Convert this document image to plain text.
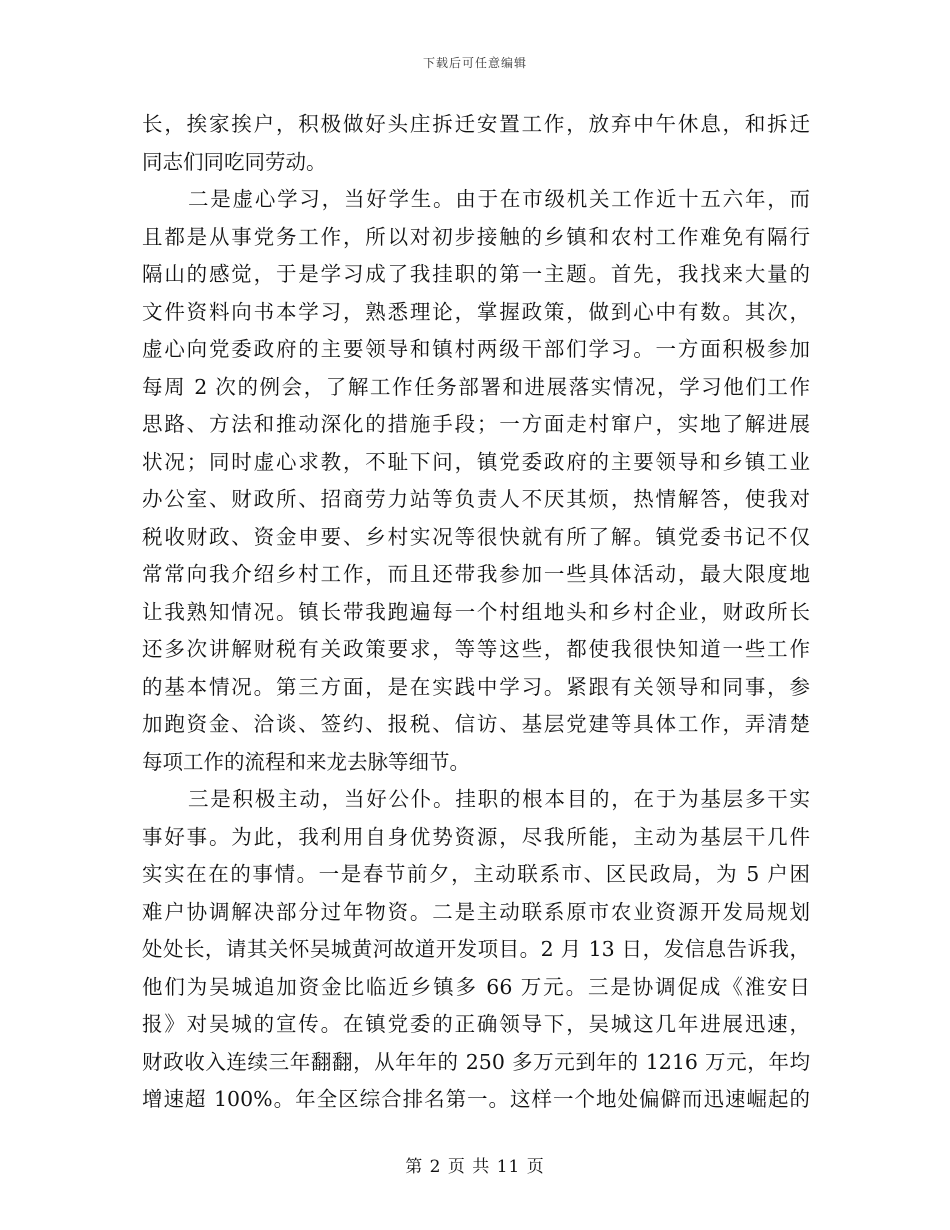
下载后可任意编辑
长，挨家挨户，积极做好头庄拆迁安置工作，放弃中午休息，和拆迁
同志们同吃同劳动。
二是虚心学习，当好学生。由于在市级机关工作近十五六年，而
且都是从事党务工作，所以对初步接触的乡镇和农村工作难免有隔行
隔山的感觉，于是学习成了我挂职的第一主题。首先，我找来大量的
文件资料向书本学习，熟悉理论，掌握政策，做到心中有数。其次，
虚心向党委政府的主要领导和镇村两级干部们学习。一方面积极参加
每周 2 次的例会，了解工作任务部署和进展落实情况，学习他们工作
思路、方法和推动深化的措施手段；一方面走村窜户，实地了解进展
状况；同时虚心求教，不耻下问，镇党委政府的主要领导和乡镇工业
办公室、财政所、招商劳力站等负责人不厌其烦，热情解答，使我对
税收财政、资金申要、乡村实况等很快就有所了解。镇党委书记不仅
常常向我介绍乡村工作，而且还带我参加一些具体活动，最大限度地
让我熟知情况。镇长带我跑遍每一个村组地头和乡村企业，财政所长
还多次讲解财税有关政策要求，等等这些，都使我很快知道一些工作
的基本情况。第三方面，是在实践中学习。紧跟有关领导和同事，参
加跑资金、洽谈、签约、报税、信访、基层党建等具体工作，弄清楚
每项工作的流程和来龙去脉等细节。
三是积极主动，当好公仆。挂职的根本目的，在于为基层多干实
事好事。为此，我利用自身优势资源，尽我所能，主动为基层干几件
实实在在的事情。一是春节前夕，主动联系市、区民政局，为 5 户困
难户协调解决部分过年物资。二是主动联系原市农业资源开发局规划
处处长，请其关怀吴城黄河故道开发项目。2 月 13 日，发信息告诉我，
他们为吴城追加资金比临近乡镇多 66 万元。三是协调促成《淮安日
报》对吴城的宣传。在镇党委的正确领导下，吴城这几年进展迅速，
财政收入连续三年翻翻，从年年的 250 多万元到年的 1216 万元，年均
增速超 100%。年全区综合排名第一。这样一个地处偏僻而迅速崛起的
第 2 页 共 11 页
